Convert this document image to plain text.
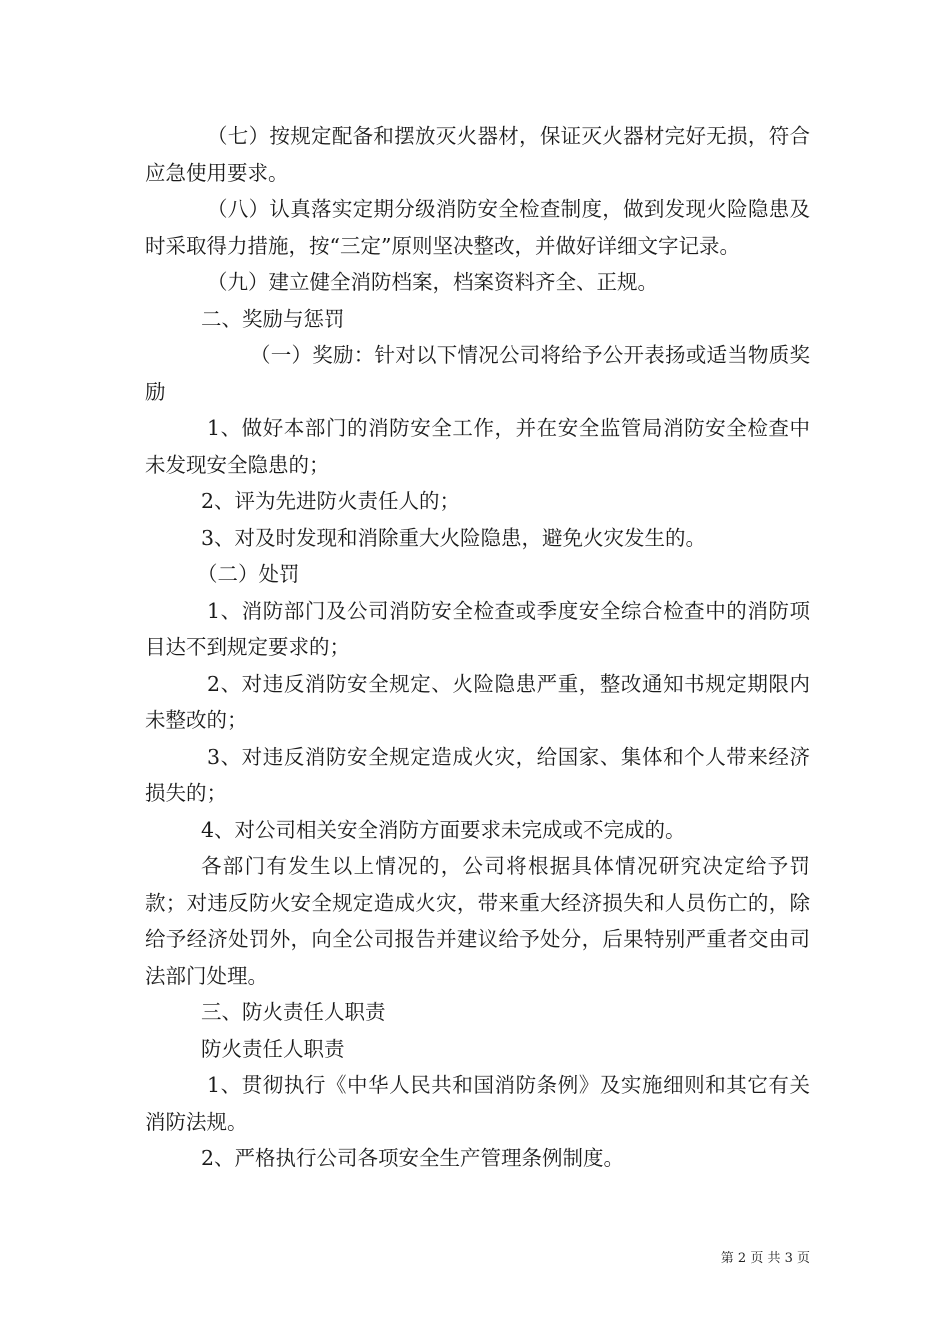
（七）按规定配备和摆放灭火器材，保证灭火器材完好无损，符合应急使用要求。

（八）认真落实定期分级消防安全检查制度，做到发现火险隐患及时采取得力措施，按“三定”原则坚决整改，并做好详细文字记录。

（九）建立健全消防档案，档案资料齐全、正规。

二、奖励与惩罚

（一）奖励：针对以下情况公司将给予公开表扬或适当物质奖励

1、做好本部门的消防安全工作，并在安全监管局消防安全检查中未发现安全隐患的；

2、评为先进防火责任人的；

3、对及时发现和消除重大火险隐患，避免火灾发生的。

（二）处罚

1、消防部门及公司消防安全检查或季度安全综合检查中的消防项目达不到规定要求的；

2、对违反消防安全规定、火险隐患严重，整改通知书规定期限内未整改的；

3、对违反消防安全规定造成火灾，给国家、集体和个人带来经济损失的；

4、对公司相关安全消防方面要求未完成或不完成的。

各部门有发生以上情况的，公司将根据具体情况研究决定给予罚款；对违反防火安全规定造成火灾，带来重大经济损失和人员伤亡的，除给予经济处罚外，向全公司报告并建议给予处分，后果特别严重者交由司法部门处理。

三、防火责任人职责

防火责任人职责

1、贯彻执行《中华人民共和国消防条例》及实施细则和其它有关消防法规。

2、严格执行公司各项安全生产管理条例制度。

第 2 页 共 3 页
